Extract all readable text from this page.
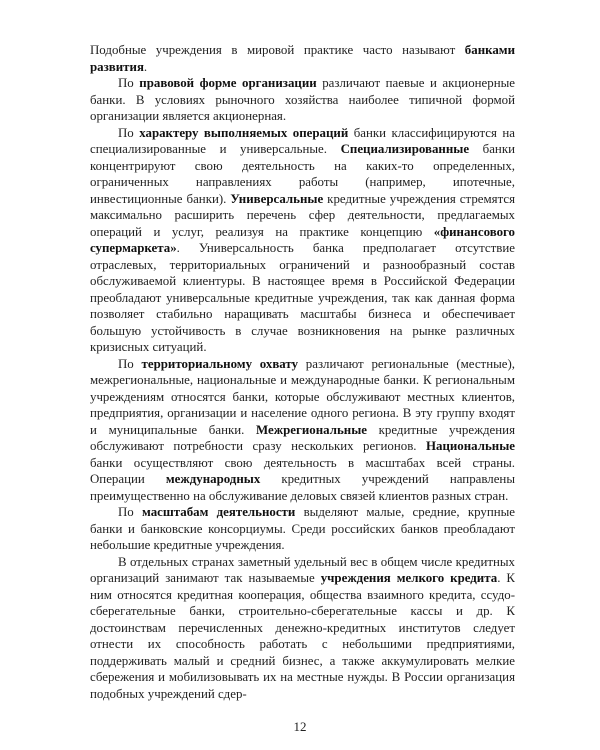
Подобные учреждения в мировой практике часто называют банками развития.

По правовой форме организации различают паевые и акционерные банки. В условиях рыночного хозяйства наиболее типичной формой организации является акционерная.

По характеру выполняемых операций банки классифицируются на специализированные и универсальные. Специализированные банки концентрируют свою деятельность на каких-то определенных, ограниченных направлениях работы (например, ипотечные, инвестиционные банки). Универсальные кредитные учреждения стремятся максимально расширить перечень сфер деятельности, предлагаемых операций и услуг, реализуя на практике концепцию «финансового супермаркета». Универсальность банка предполагает отсутствие отраслевых, территориальных ограничений и разнообразный состав обслуживаемой клиентуры. В настоящее время в Российской Федерации преобладают универсальные кредитные учреждения, так как данная форма позволяет стабильно наращивать масштабы бизнеса и обеспечивает большую устойчивость в случае возникновения на рынке различных кризисных ситуаций.

По территориальному охвату различают региональные (местные), межрегиональные, национальные и международные банки. К региональным учреждениям относятся банки, которые обслуживают местных клиентов, предприятия, организации и население одного региона. В эту группу входят и муниципальные банки. Межрегиональные кредитные учреждения обслуживают потребности сразу нескольких регионов. Национальные банки осуществляют свою деятельность в масштабах всей страны. Операции международных кредитных учреждений направлены преимущественно на обслуживание деловых связей клиентов разных стран.

По масштабам деятельности выделяют малые, средние, крупные банки и банковские консорциумы. Среди российских банков преобладают небольшие кредитные учреждения.

В отдельных странах заметный удельный вес в общем числе кредитных организаций занимают так называемые учреждения мелкого кредита. К ним относятся кредитная кооперация, общества взаимного кредита, ссудо-сберегательные банки, строительно-сберегательные кассы и др. К достоинствам перечисленных денежно-кредитных институтов следует отнести их способность работать с небольшими предприятиями, поддерживать малый и средний бизнес, а также аккумулировать мелкие сбережения и мобилизовывать их на местные нужды. В России организация подобных учреждений сдер-

12
